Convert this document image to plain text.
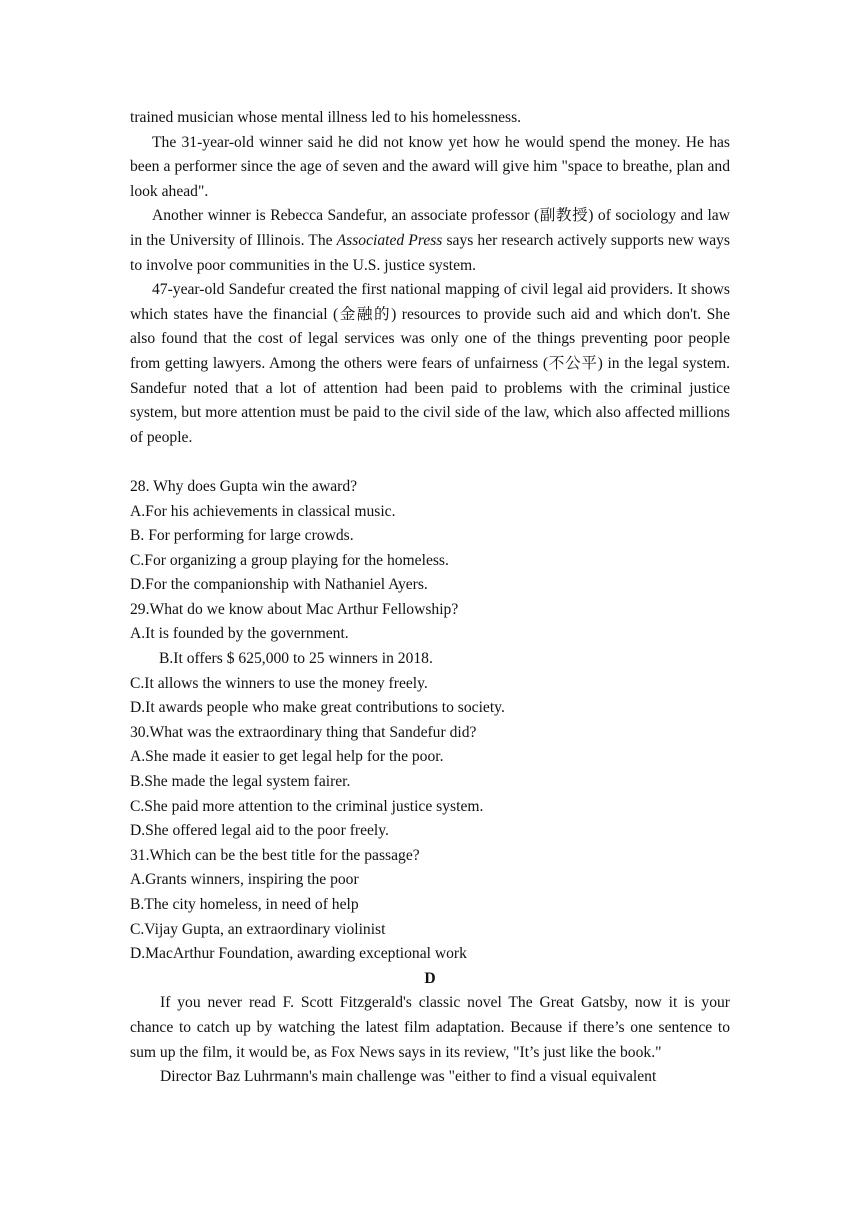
trained musician whose mental illness led to his homelessness.

The 31-year-old winner said he did not know yet how he would spend the money. He has been a performer since the age of seven and the award will give him "space to breathe, plan and look ahead".

Another winner is Rebecca Sandefur, an associate professor (副教授) of sociology and law in the University of Illinois. The Associated Press says her research actively supports new ways to involve poor communities in the U.S. justice system.

47-year-old Sandefur created the first national mapping of civil legal aid providers. It shows which states have the financial (金融的) resources to provide such aid and which don't. She also found that the cost of legal services was only one of the things preventing poor people from getting lawyers. Among the others were fears of unfairness (不公平) in the legal system. Sandefur noted that a lot of attention had been paid to problems with the criminal justice system, but more attention must be paid to the civil side of the law, which also affected millions of people.

28. Why does Gupta win the award?

A.For his achievements in classical music.

B. For performing for large crowds.

C.For organizing a group playing for the homeless.

D.For the companionship with Nathaniel Ayers.

29.What do we know about Mac Arthur Fellowship?

A.It is founded by the government.

B.It offers $ 625,000 to 25 winners in 2018.

C.It allows the winners to use the money freely.

D.It awards people who make great contributions to society.

30.What was the extraordinary thing that Sandefur did?

A.She made it easier to get legal help for the poor.

B.She made the legal system fairer.

C.She paid more attention to the criminal justice system.

D.She offered legal aid to the poor freely.

31.Which can be the best title for the passage?

A.Grants winners, inspiring the poor

B.The city homeless, in need of help

C.Vijay Gupta, an extraordinary violinist

D.MacArthur Foundation, awarding exceptional work

D

If you never read F. Scott Fitzgerald's classic novel The Great Gatsby, now it is your chance to catch up by watching the latest film adaptation. Because if there’s one sentence to sum up the film, it would be, as Fox News says in its review, "It’s just like the book."

Director Baz Luhrmann's main challenge was "either to find a visual equivalent
